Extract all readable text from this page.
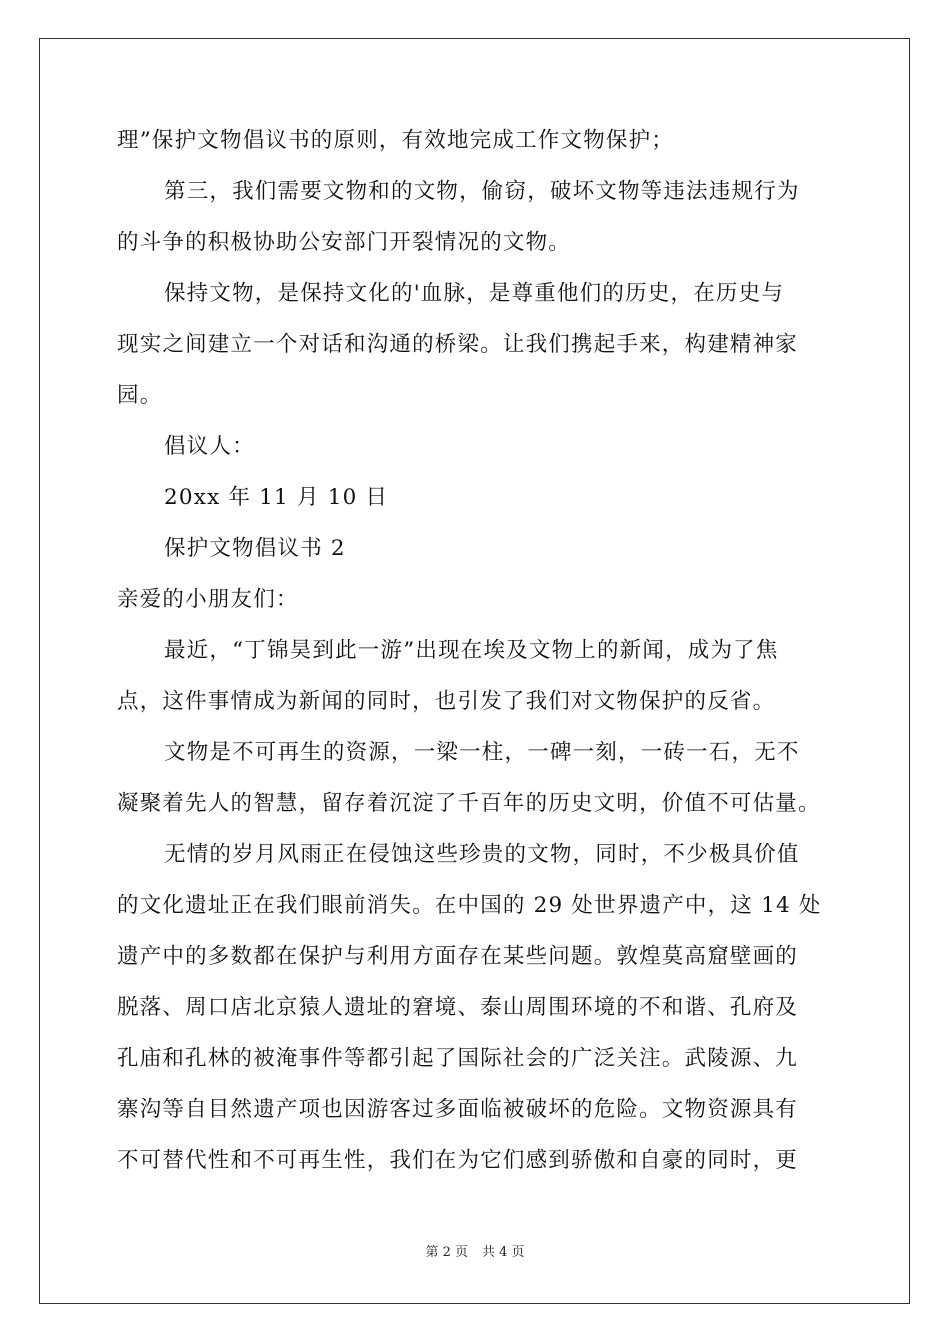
理”保护文物倡议书的原则，有效地完成工作文物保护；
第三，我们需要文物和的文物，偷窃，破坏文物等违法违规行为
的斗争的积极协助公安部门开裂情况的文物。
保持文物，是保持文化的'血脉，是尊重他们的历史，在历史与
现实之间建立一个对话和沟通的桥梁。让我们携起手来，构建精神家
园。
倡议人：
20xx 年 11 月 10 日
保护文物倡议书 2
亲爱的小朋友们：
最近，“丁锦昊到此一游”出现在埃及文物上的新闻，成为了焦
点，这件事情成为新闻的同时，也引发了我们对文物保护的反省。
文物是不可再生的资源，一梁一柱，一碑一刻，一砖一石，无不
凝聚着先人的智慧，留存着沉淀了千百年的历史文明，价值不可估量。
无情的岁月风雨正在侵蚀这些珍贵的文物，同时，不少极具价值
的文化遗址正在我们眼前消失。在中国的 29 处世界遗产中，这 14 处
遗产中的多数都在保护与利用方面存在某些问题。敦煌莫高窟壁画的
脱落、周口店北京猿人遗址的窘境、泰山周围环境的不和谐、孔府及
孔庙和孔林的被淹事件等都引起了国际社会的广泛关注。武陵源、九
寨沟等自目然遗产项也因游客过多面临被破坏的危险。文物资源具有
不可替代性和不可再生性，我们在为它们感到骄傲和自豪的同时，更
第 2 页 共 4 页
